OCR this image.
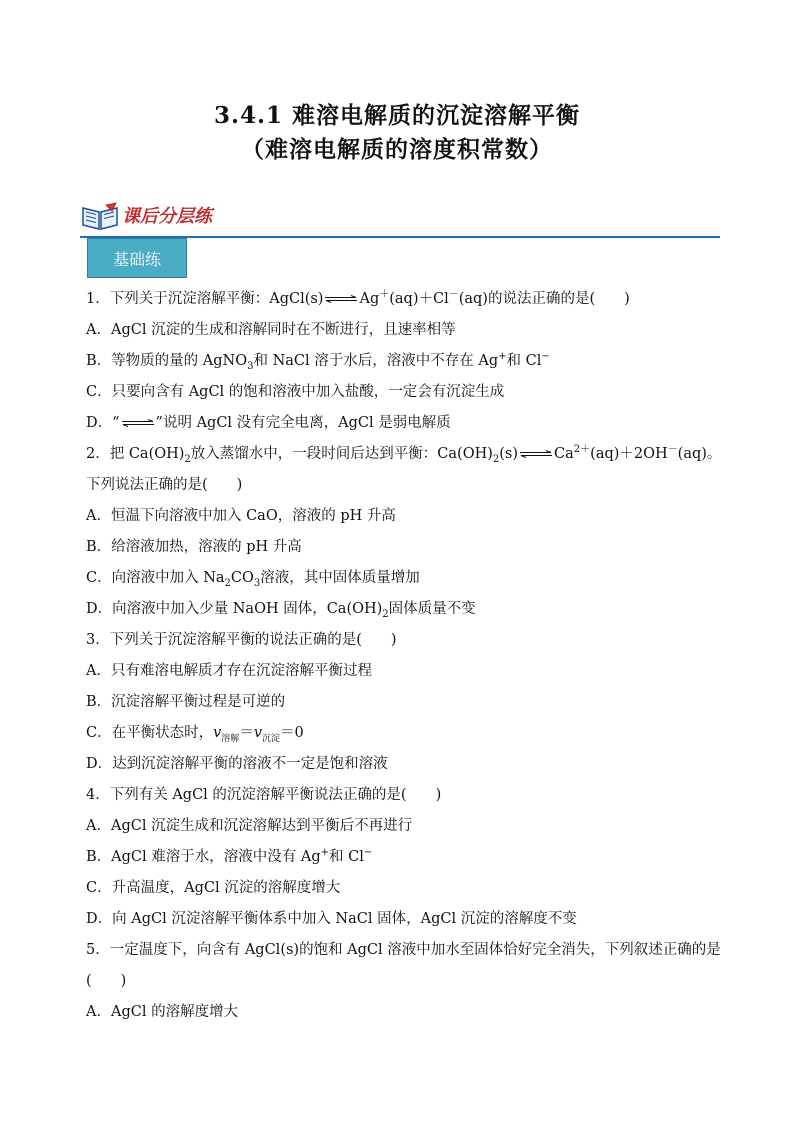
3.4.1 难溶电解质的沉淀溶解平衡
（难溶电解质的溶度积常数）
课后分层练
基础练
1．下列关于沉淀溶解平衡：AgCl(s)⇌Ag＋(aq)＋Cl－(aq)的说法正确的是(　　)
A．AgCl 沉淀的生成和溶解同时在不断进行，且速率相等
B．等物质的量的 AgNO$_3$和 NaCl 溶于水后，溶液中不存在 Ag+和 Cl−
C．只要向含有 AgCl 的饱和溶液中加入盐酸，一定会有沉淀生成
D．“⇌”说明 AgCl 没有完全电离，AgCl 是弱电解质
2．把 $Ca(OH)_2$放入蒸馏水中，一段时间后达到平衡：$Ca(OH)_2(s)\rightleftharpoons Ca^{2+}(aq)+2OH^-(aq)$。
下列说法正确的是(　　)
A．恒温下向溶液中加入 CaO，溶液的 pH 升高
B．给溶液加热，溶液的 pH 升高
C．向溶液中加入 $Na_2CO_3$溶液，其中固体质量增加
D．向溶液中加入少量 NaOH 固体，$Ca(OH)_2$固体质量不变
3．下列关于沉淀溶解平衡的说法正确的是(　　)
A．只有难溶电解质才存在沉淀溶解平衡过程
B．沉淀溶解平衡过程是可逆的
C．在平衡状态时，$v_{溶解}=v_{沉淀}=0$
D．达到沉淀溶解平衡的溶液不一定是饱和溶液
4．下列有关 AgCl 的沉淀溶解平衡说法正确的是(　　)
A．AgCl 沉淀生成和沉淀溶解达到平衡后不再进行
B．AgCl 难溶于水，溶液中没有 Ag+和 Cl−
C．升高温度，AgCl 沉淀的溶解度增大
D．向 AgCl 沉淀溶解平衡体系中加入 NaCl 固体，AgCl 沉淀的溶解度不变
5．一定温度下，向含有 AgCl(s)的饱和 AgCl 溶液中加水至固体恰好完全消失，下列叙述正确的是(　　)
A．AgCl 的溶解度增大
